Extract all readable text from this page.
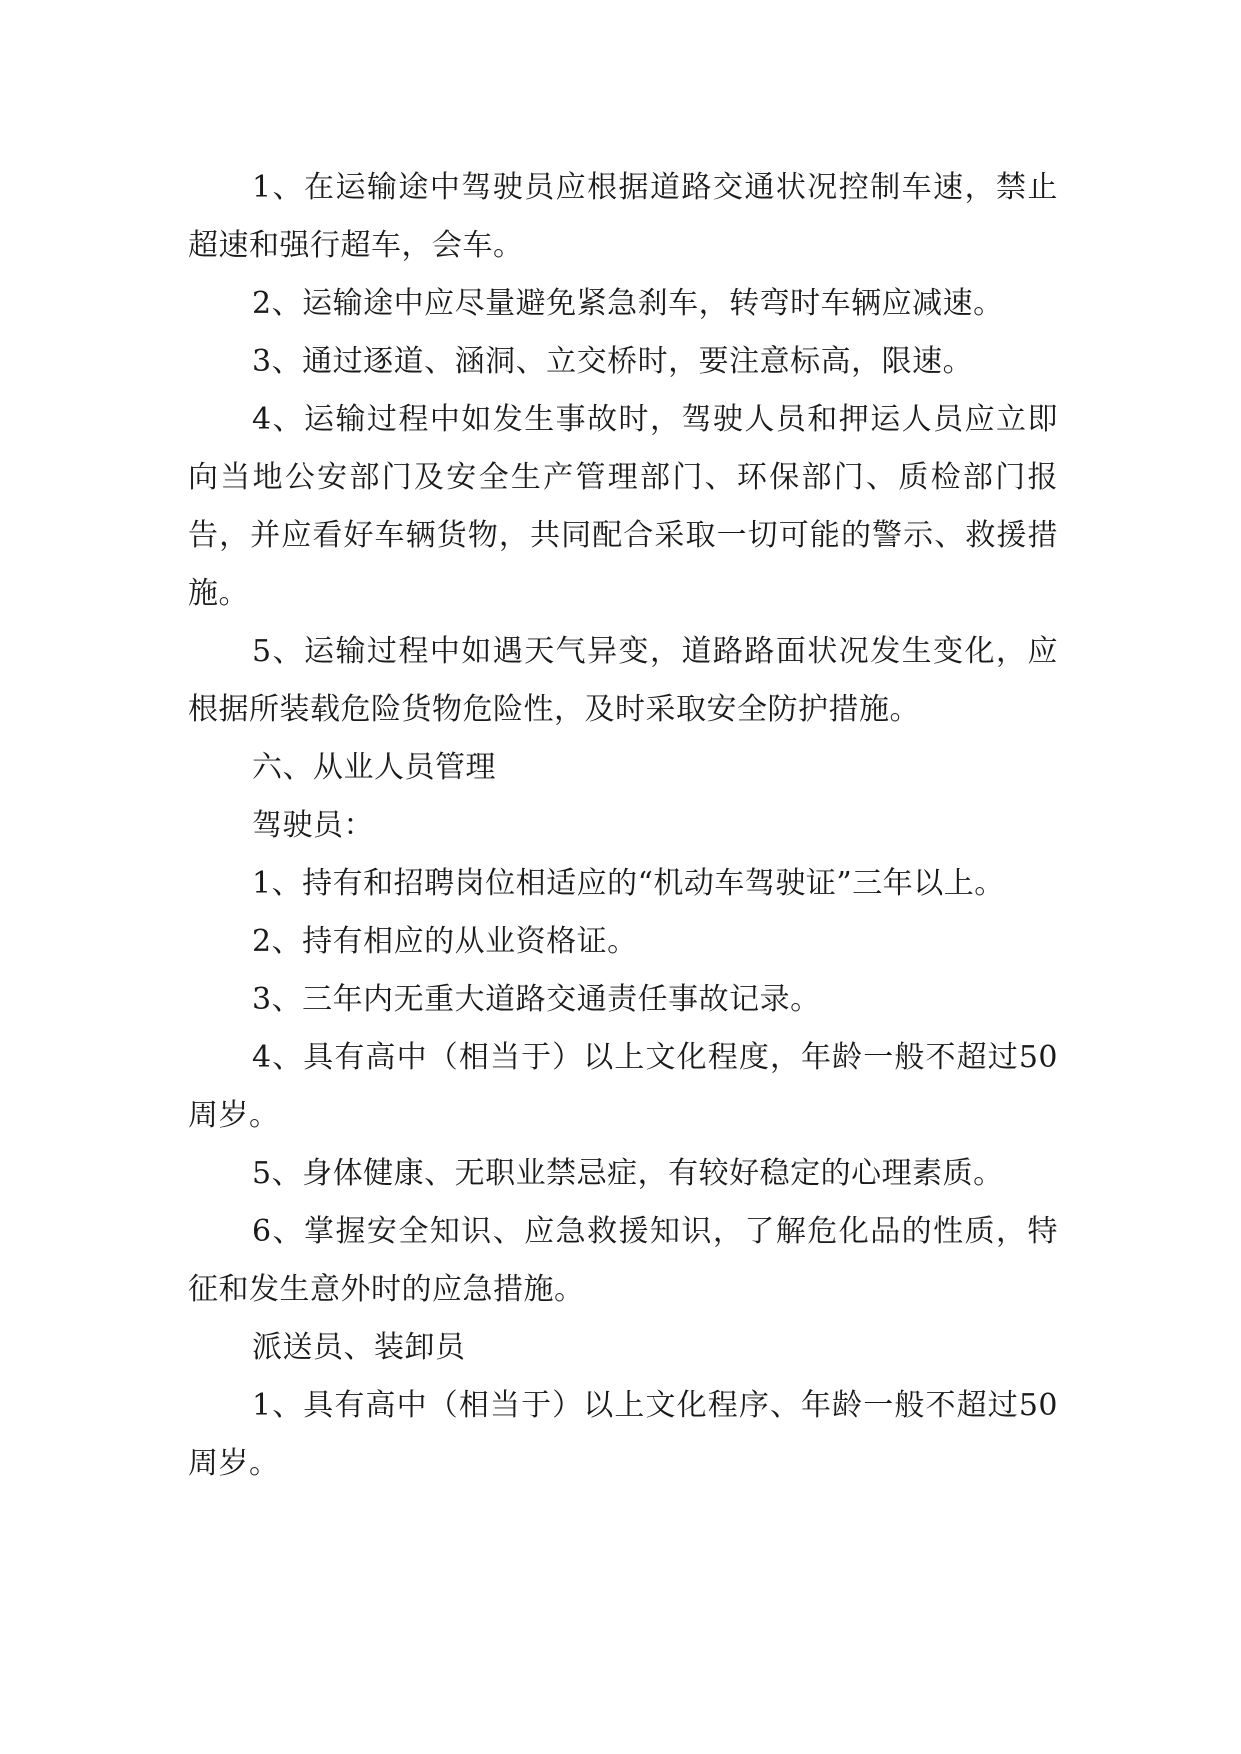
1、在运输途中驾驶员应根据道路交通状况控制车速，禁止超速和强行超车，会车。

2、运输途中应尽量避免紧急刹车，转弯时车辆应减速。

3、通过逐道、涵洞、立交桥时，要注意标高，限速。

4、运输过程中如发生事故时，驾驶人员和押运人员应立即向当地公安部门及安全生产管理部门、环保部门、质检部门报告，并应看好车辆货物，共同配合采取一切可能的警示、救援措施。

5、运输过程中如遇天气异变，道路路面状况发生变化，应根据所装载危险货物危险性，及时采取安全防护措施。

六、从业人员管理

驾驶员：

1、持有和招聘岗位相适应的“机动车驾驶证”三年以上。

2、持有相应的从业资格证。

3、三年内无重大道路交通责任事故记录。

4、具有高中（相当于）以上文化程度，年龄一般不超过50周岁。

5、身体健康、无职业禁忌症，有较好稳定的心理素质。

6、掌握安全知识、应急救援知识，了解危化品的性质，特征和发生意外时的应急措施。

派送员、装卸员

1、具有高中（相当于）以上文化程序、年龄一般不超过50周岁。
